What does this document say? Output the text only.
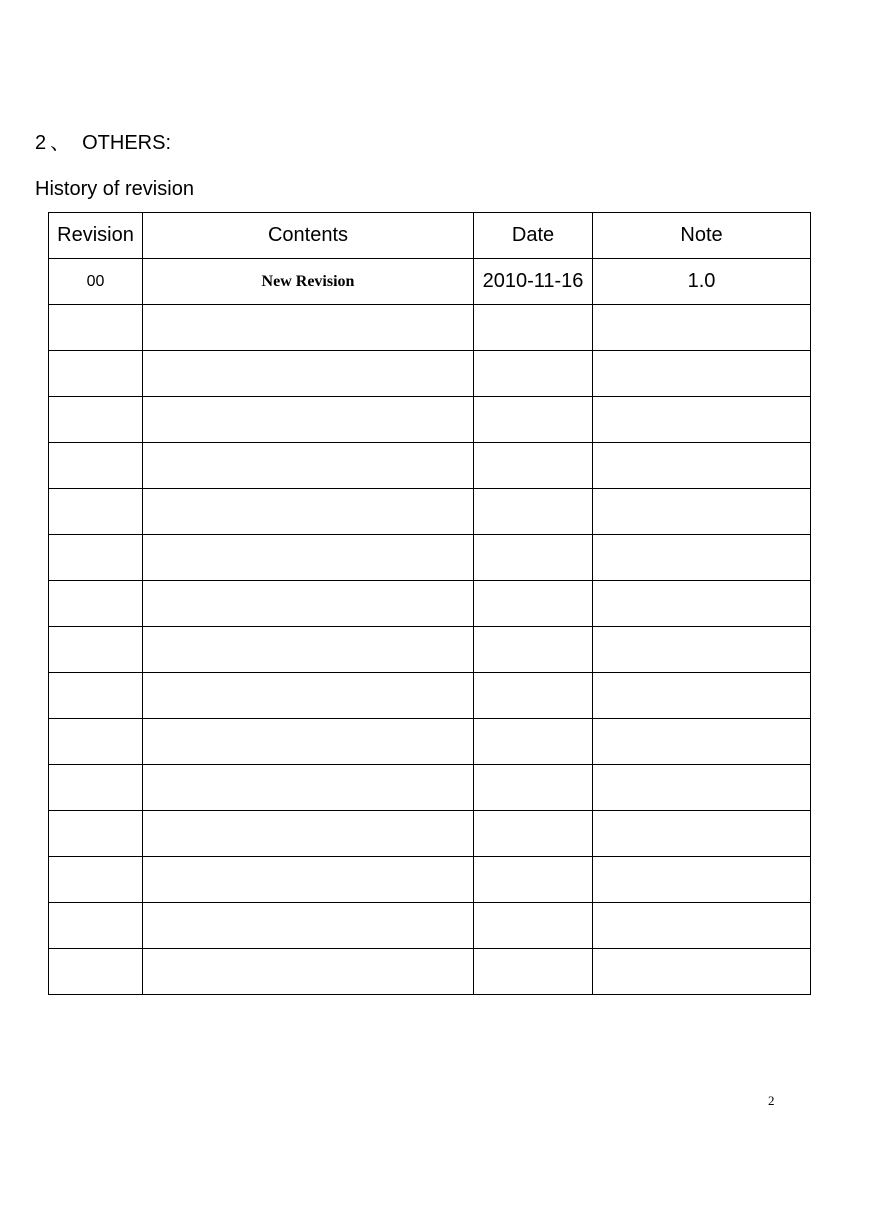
2 、 OTHERS:
History of revision
Revision	Contents	Date	Note
00	New Revision	2010-11-16	1.0

2
